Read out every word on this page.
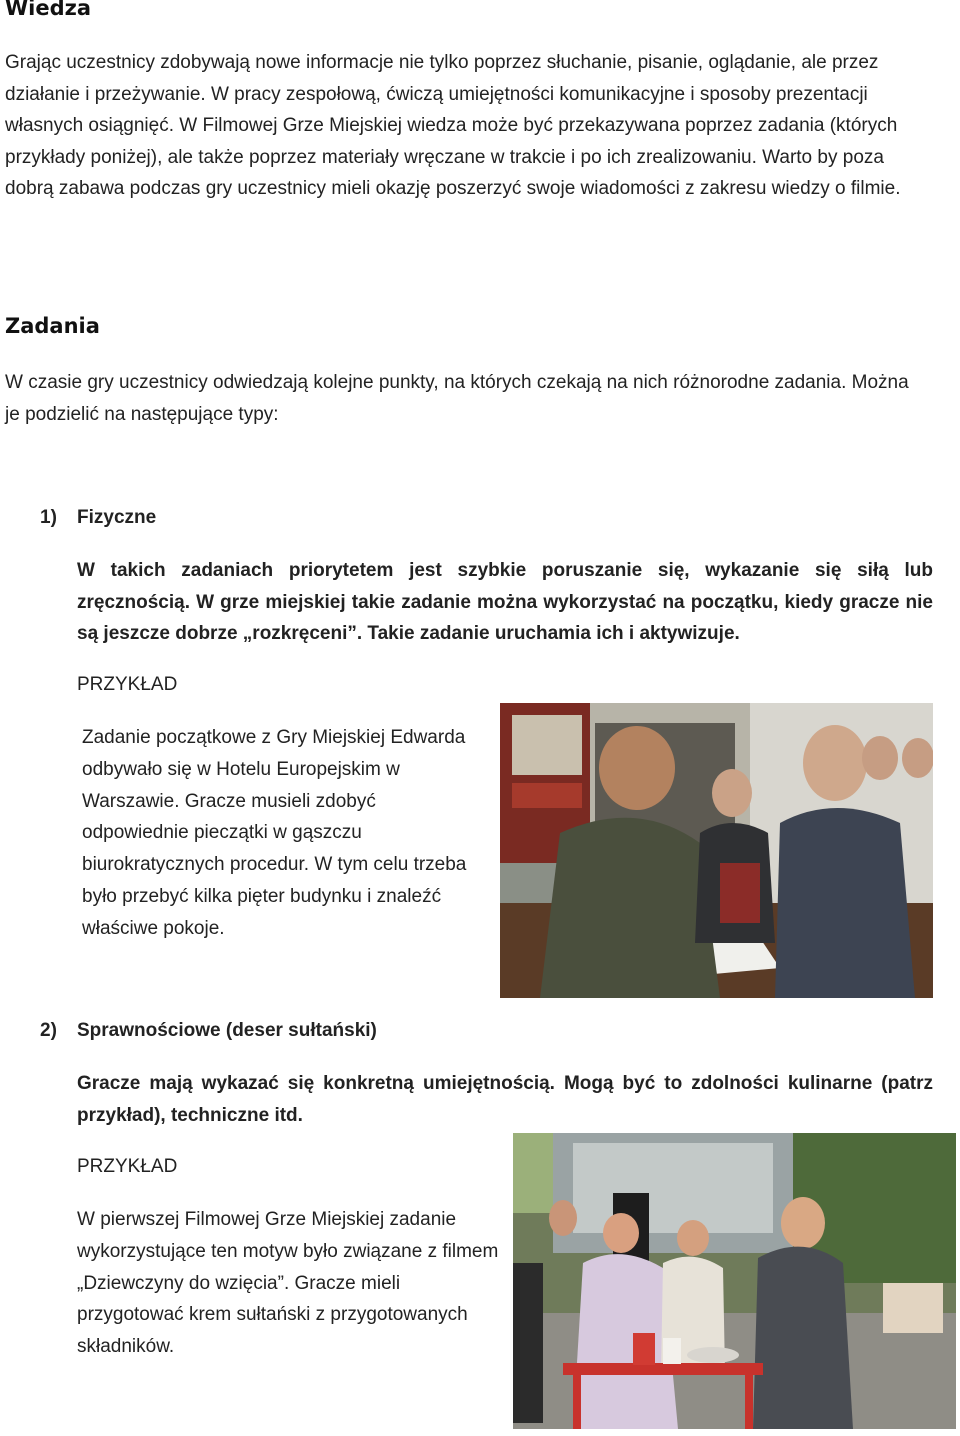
Wiedza

Grając uczestnicy zdobywają nowe informacje nie tylko poprzez słuchanie, pisanie, oglądanie, ale przez działanie i przeżywanie. W pracy zespołową, ćwiczą umiejętności komunikacyjne i sposoby prezentacji własnych osiągnięć. W Filmowej Grze Miejskiej wiedza może być przekazywana poprzez zadania (których przykłady poniżej), ale także poprzez materiały wręczane w trakcie i po ich zrealizowaniu. Warto by poza dobrą zabawa podczas gry uczestnicy mieli okazję poszerzyć swoje wiadomości z zakresu wiedzy o filmie.

Zadania

W czasie gry uczestnicy odwiedzają kolejne punkty, na których czekają na nich różnorodne zadania. Można je podzielić na następujące typy:

1) Fizyczne

W takich zadaniach priorytetem jest szybkie poruszanie się, wykazanie się siłą lub zręcznością. W grze miejskiej takie zadanie można wykorzystać na początku, kiedy gracze nie są jeszcze dobrze „rozkręceni”. Takie zadanie uruchamia ich i aktywizuje.

PRZYKŁAD

Zadanie początkowe z Gry Miejskiej Edwarda odbywało się w Hotelu Europejskim w Warszawie. Gracze musieli zdobyć odpowiednie pieczątki w gąszczu biurokratycznych procedur. W tym celu trzeba było przebyć kilka pięter budynku i znaleźć właściwe pokoje.

2) Sprawnościowe (deser sułtański)

Gracze mają wykazać się konkretną umiejętnością. Mogą być to zdolności kulinarne (patrz przykład), techniczne itd.

PRZYKŁAD

W pierwszej Filmowej Grze Miejskiej zadanie wykorzystujące ten motyw było związane z filmem „Dziewczyny do wzięcia”. Gracze mieli przygotować krem sułtański z przygotowanych składników.
